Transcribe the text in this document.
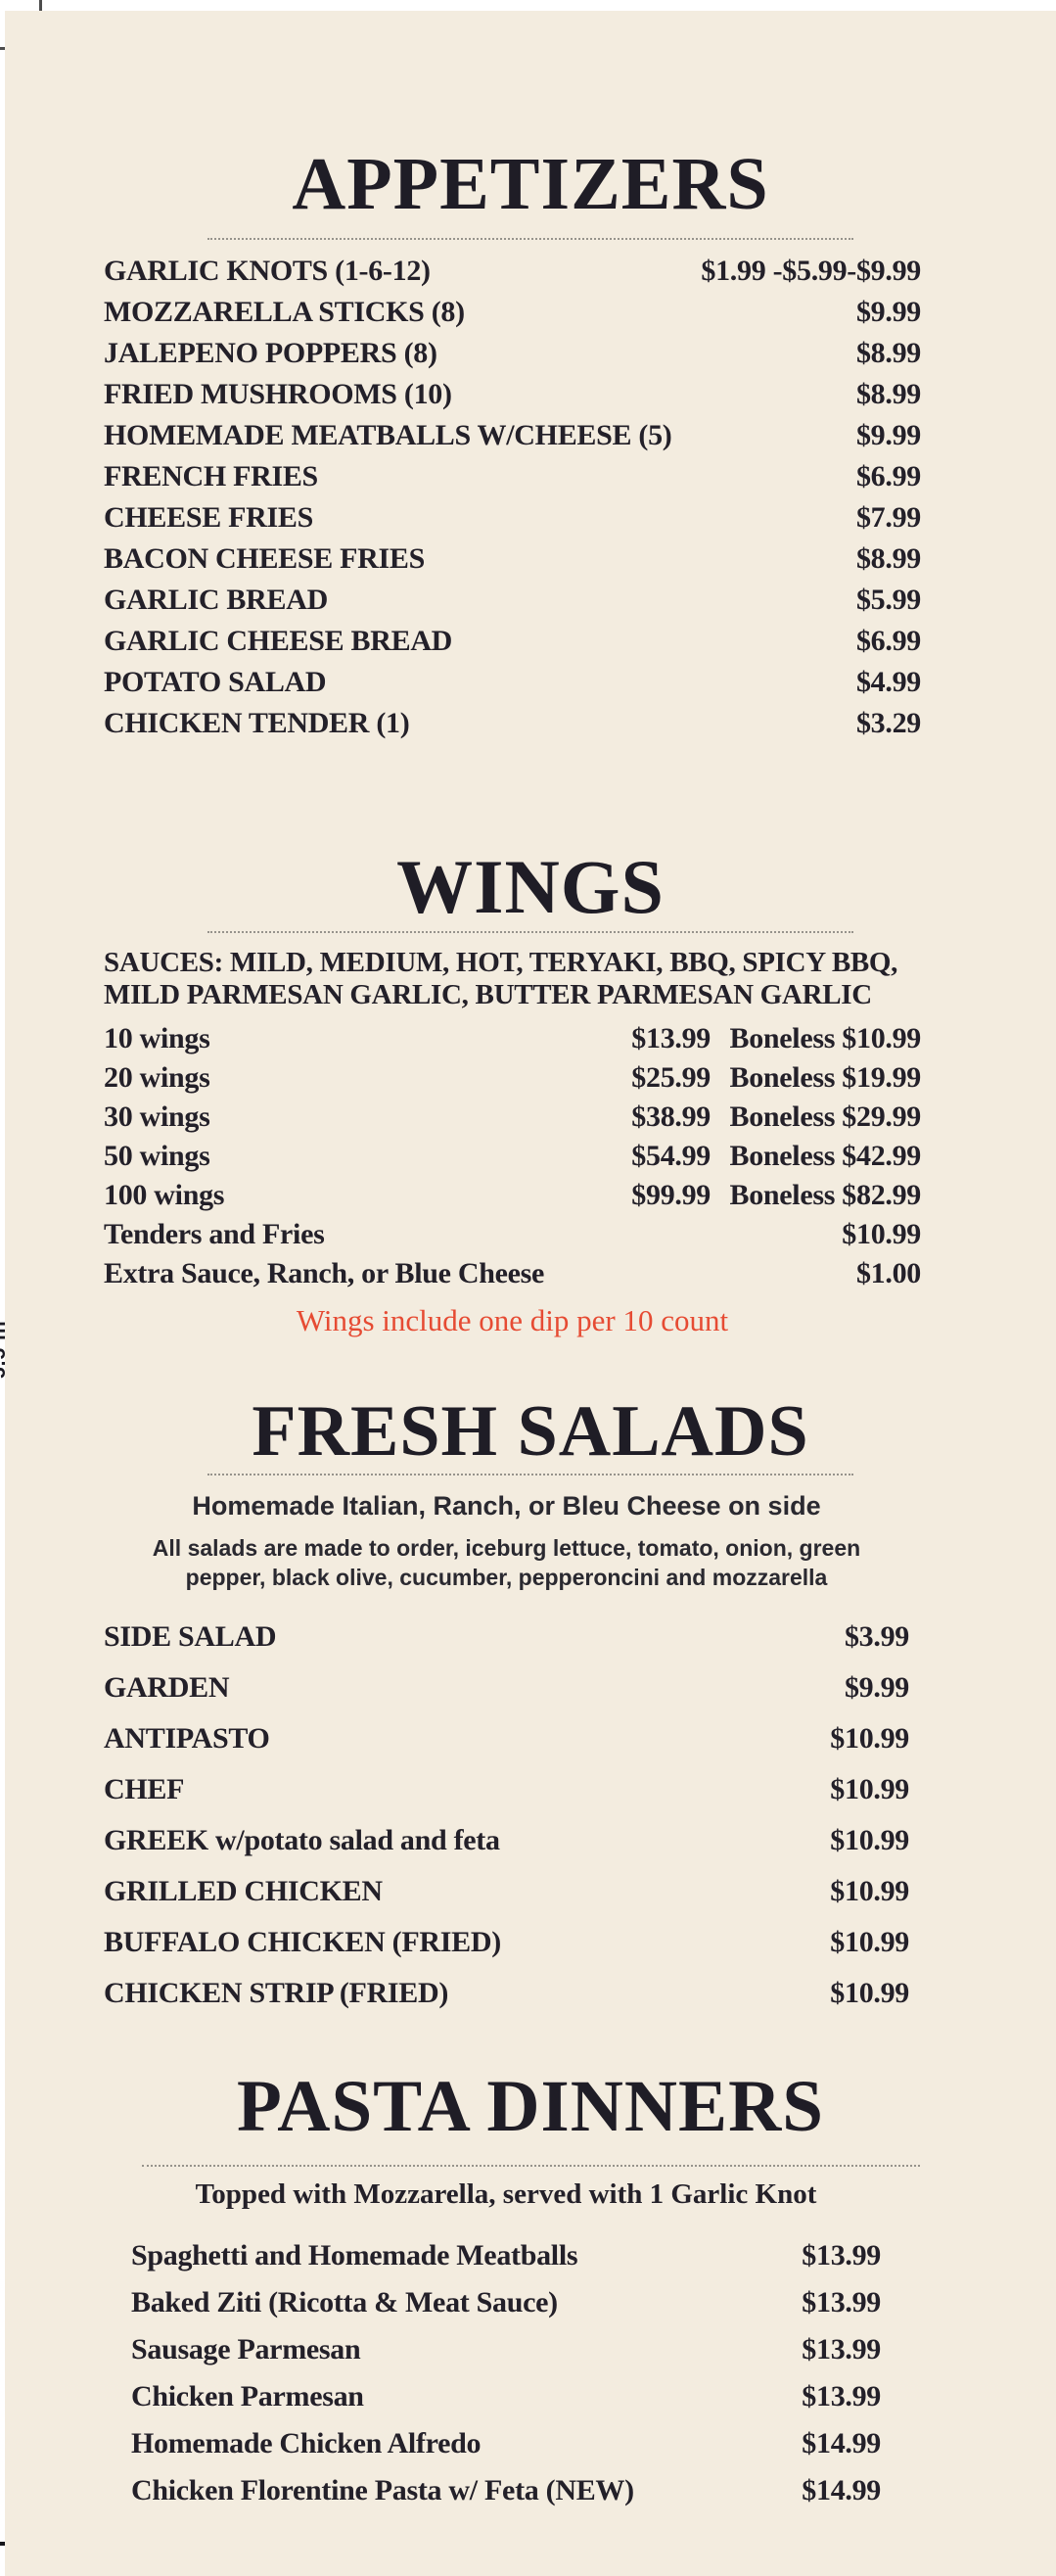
APPETIZERS
GARLIC KNOTS (1-6-12)	$1.99 -$5.99-$9.99
MOZZARELLA STICKS (8)	$9.99
JALEPENO POPPERS (8)	$8.99
FRIED MUSHROOMS (10)	$8.99
HOMEMADE MEATBALLS W/CHEESE (5)	$9.99
FRENCH FRIES	$6.99
CHEESE FRIES	$7.99
BACON CHEESE FRIES	$8.99
GARLIC BREAD	$5.99
GARLIC CHEESE BREAD	$6.99
POTATO SALAD	$4.99
CHICKEN TENDER (1)	$3.29
WINGS
SAUCES: MILD, MEDIUM, HOT, TERYAKI, BBQ, SPICY BBQ,
MILD PARMESAN GARLIC, BUTTER PARMESAN GARLIC
10 wings	$13.99 Boneless $10.99
20 wings	$25.99 Boneless $19.99
30 wings	$38.99 Boneless $29.99
50 wings	$54.99 Boneless $42.99
100 wings	$99.99 Boneless $82.99
Tenders and Fries	$10.99
Extra Sauce, Ranch, or Blue Cheese	$1.00
Wings include one dip per 10 count
FRESH SALADS
Homemade Italian, Ranch, or Bleu Cheese on side
All salads are made to order, iceburg lettuce, tomato, onion, green pepper, black olive, cucumber, pepperoncini and mozzarella
SIDE SALAD	$3.99
GARDEN	$9.99
ANTIPASTO	$10.99
CHEF	$10.99
GREEK w/potato salad and feta	$10.99
GRILLED CHICKEN	$10.99
BUFFALO CHICKEN (FRIED)	$10.99
CHICKEN STRIP (FRIED)	$10.99
PASTA DINNERS
Topped with Mozzarella, served with 1 Garlic Knot
Spaghetti and Homemade Meatballs	$13.99
Baked Ziti (Ricotta & Meat Sauce)	$13.99
Sausage Parmesan	$13.99
Chicken Parmesan	$13.99
Homemade Chicken Alfredo	$14.99
Chicken Florentine Pasta w/ Feta (NEW)	$14.99
